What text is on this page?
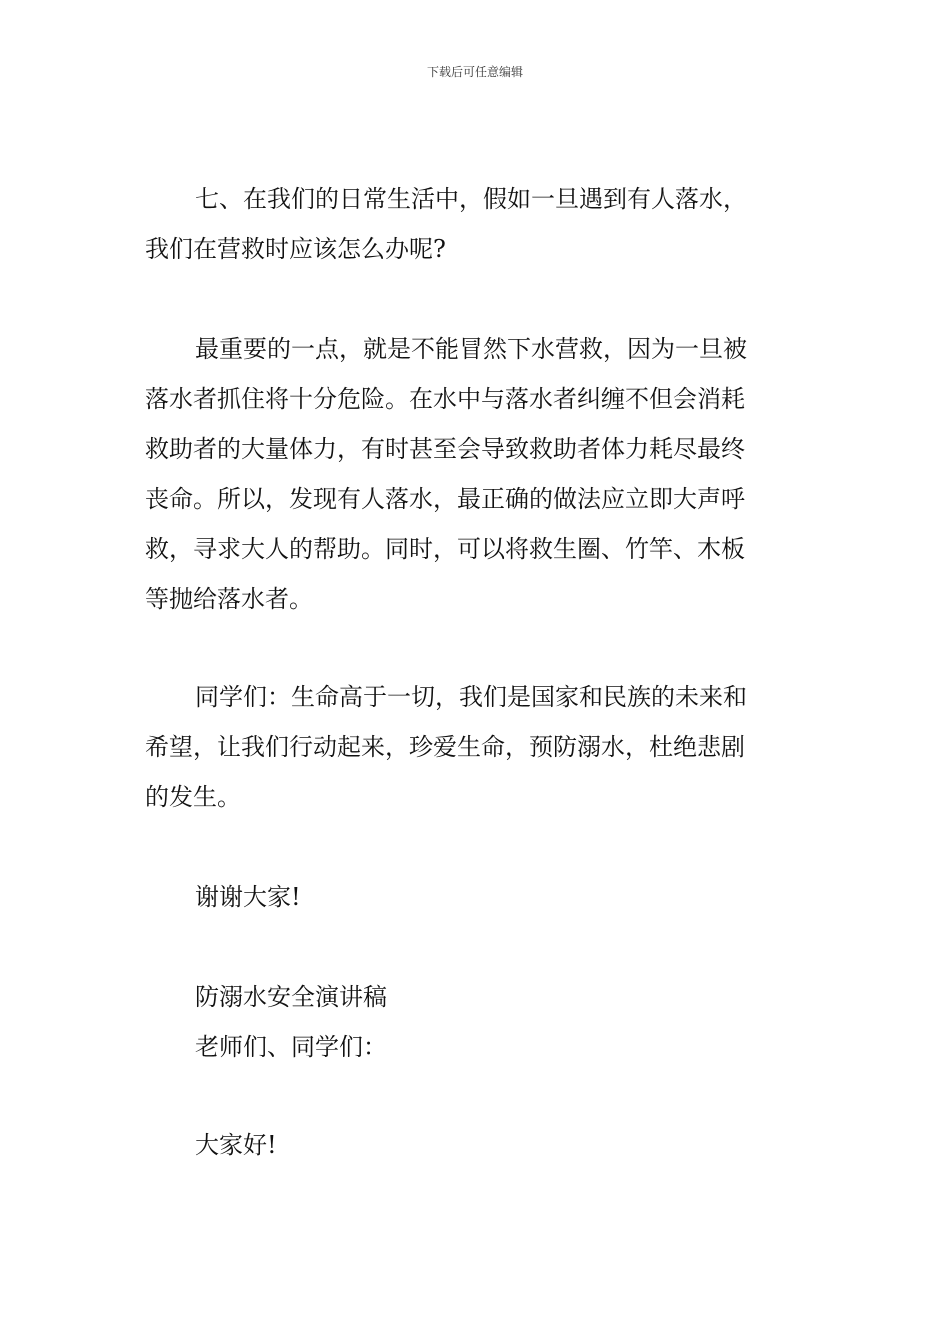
下载后可任意编辑
七、在我们的日常生活中，假如一旦遇到有人落水，
我们在营救时应该怎么办呢?
最重要的一点，就是不能冒然下水营救，因为一旦被
落水者抓住将十分危险。在水中与落水者纠缠不但会消耗
救助者的大量体力，有时甚至会导致救助者体力耗尽最终
丧命。所以，发现有人落水，最正确的做法应立即大声呼
救，寻求大人的帮助。同时，可以将救生圈、竹竿、木板
等抛给落水者。
同学们：生命高于一切，我们是国家和民族的未来和
希望，让我们行动起来，珍爱生命，预防溺水，杜绝悲剧
的发生。
谢谢大家!
防溺水安全演讲稿
老师们、同学们：
大家好!
